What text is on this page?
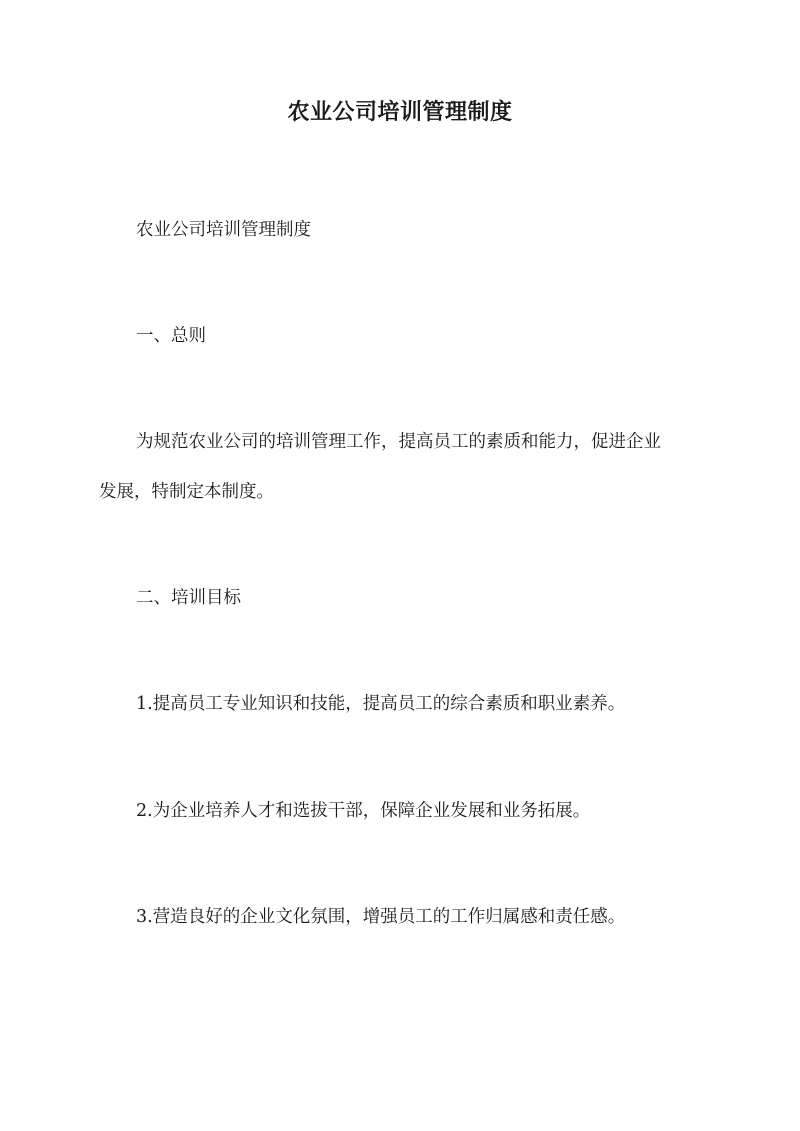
农业公司培训管理制度
农业公司培训管理制度
一、总则
为规范农业公司的培训管理工作，提高员工的素质和能力，促进企业
发展，特制定本制度。
二、培训目标
1.提高员工专业知识和技能，提高员工的综合素质和职业素养。
2.为企业培养人才和选拔干部，保障企业发展和业务拓展。
3.营造良好的企业文化氛围，增强员工的工作归属感和责任感。
